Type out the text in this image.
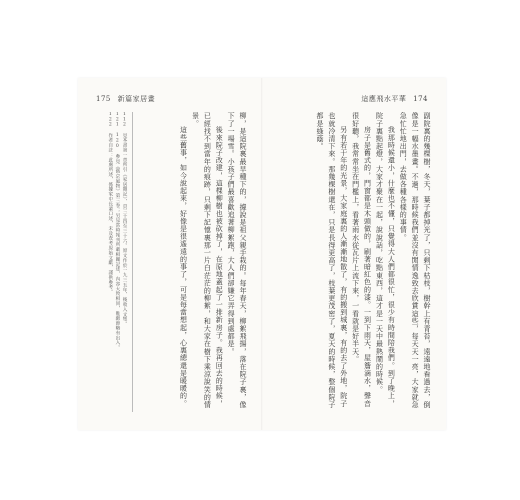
175 新篇家居畫

112　見本書第一章所引《家居雜記》，頁三十四至三十六。原文作於一九三五年，後收入文集。

121 120　參見《舊京風物》第三卷；另見當時報刊所載相關記述，內容大致相同，唯細節略有出入。

122　作者自註：此處所述，係據家中長輩口述，未及查考原始文獻，謹供參考。	柳，是這院裏最早種下的，據說是祖父親手栽的。每年春天，柳絮飛揚，落在院子裏，像下了一場雪。小孩子們最喜歡追著柳絮跑，大人們卻嫌它弄得到處都是。

後來院子改建，這棵柳樹也被砍掉了，在原地蓋起了一排新房子。我再回去的時候，已經找不到當年的痕跡，只剩下記憶裏那一片白茫茫的柳絮，和大家在樹下乘涼說笑的情景。

這些舊事，如今說起來，好像是很遙遠的事了，可是每當想起，心裏總還是暖暖的。

這應飛水平華 174

副院裏的幾棵樹，冬天，葉子都掉光了，只剩下枯枝，樹幹上有青苔，遠遠地看過去，倒像是一幅水墨畫。不過，那時候我們並沒有閒情逸致去欣賞這些，每天天一亮，大家就急急忙忙地出門，去做各種各樣的事情。

我那時候還小，什麼也不懂，只覺得大人們都很忙，很少有時間陪我們。到了晚上，院子裏點起燈，大家才聚在一起，說說話，吃點東西，這才是一天中最熱鬧的時候。

房子是舊式的，門窗都是木頭做的，刷著暗紅色的漆。一到下雨天，屋簷滴水，聲音很好聽，我常常坐在門檻上，看著雨水從瓦片上流下來，一看就是好半天。

另有若干年的光景，大家庭裏的人漸漸地散了，有的搬到城裏，有的去了外地，院子也就冷清下來。那幾棵樹還在，只是長得更高了，枝葉更茂密了，夏天的時候，整個院子都是綠蔭。
